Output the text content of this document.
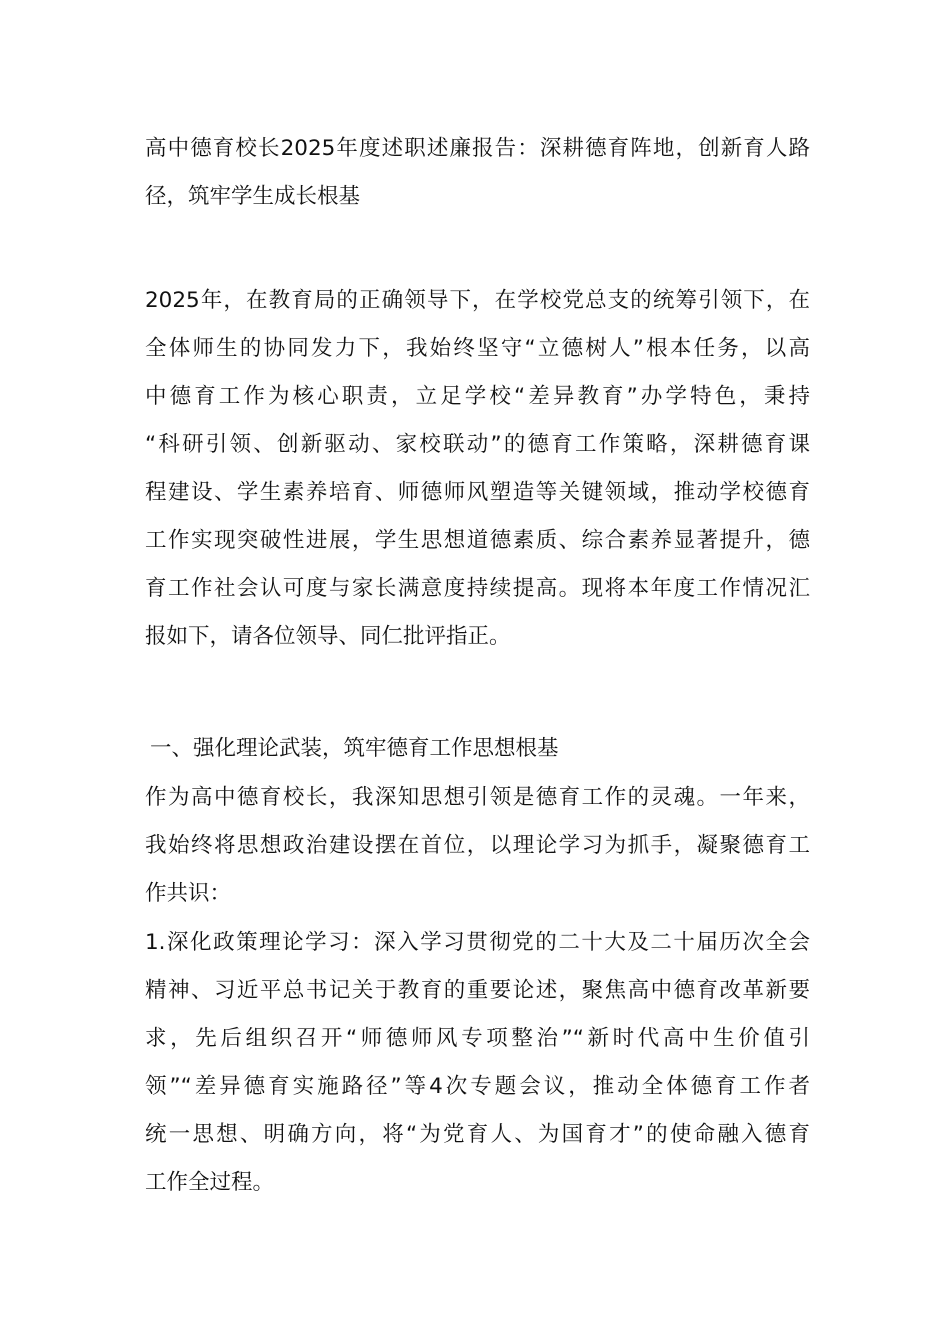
高中德育校长2025年度述职述廉报告：深耕德育阵地，创新育人路
径，筑牢学生成长根基
2025年，在教育局的正确领导下，在学校党总支的统筹引领下，在
全体师生的协同发力下，我始终坚守“立德树人”根本任务，以高
中德育工作为核心职责，立足学校“差异教育”办学特色，秉持
“科研引领、创新驱动、家校联动”的德育工作策略，深耕德育课
程建设、学生素养培育、师德师风塑造等关键领域，推动学校德育
工作实现突破性进展，学生思想道德素质、综合素养显著提升，德
育工作社会认可度与家长满意度持续提高。现将本年度工作情况汇
报如下，请各位领导、同仁批评指正。
一、强化理论武装，筑牢德育工作思想根基
作为高中德育校长，我深知思想引领是德育工作的灵魂。一年来，
我始终将思想政治建设摆在首位，以理论学习为抓手，凝聚德育工
作共识：
1.深化政策理论学习：深入学习贯彻党的二十大及二十届历次全会
精神、习近平总书记关于教育的重要论述，聚焦高中德育改革新要
求，先后组织召开“师德师风专项整治”“新时代高中生价值引
领”“差异德育实施路径”等4次专题会议，推动全体德育工作者
统一思想、明确方向，将“为党育人、为国育才”的使命融入德育
工作全过程。
